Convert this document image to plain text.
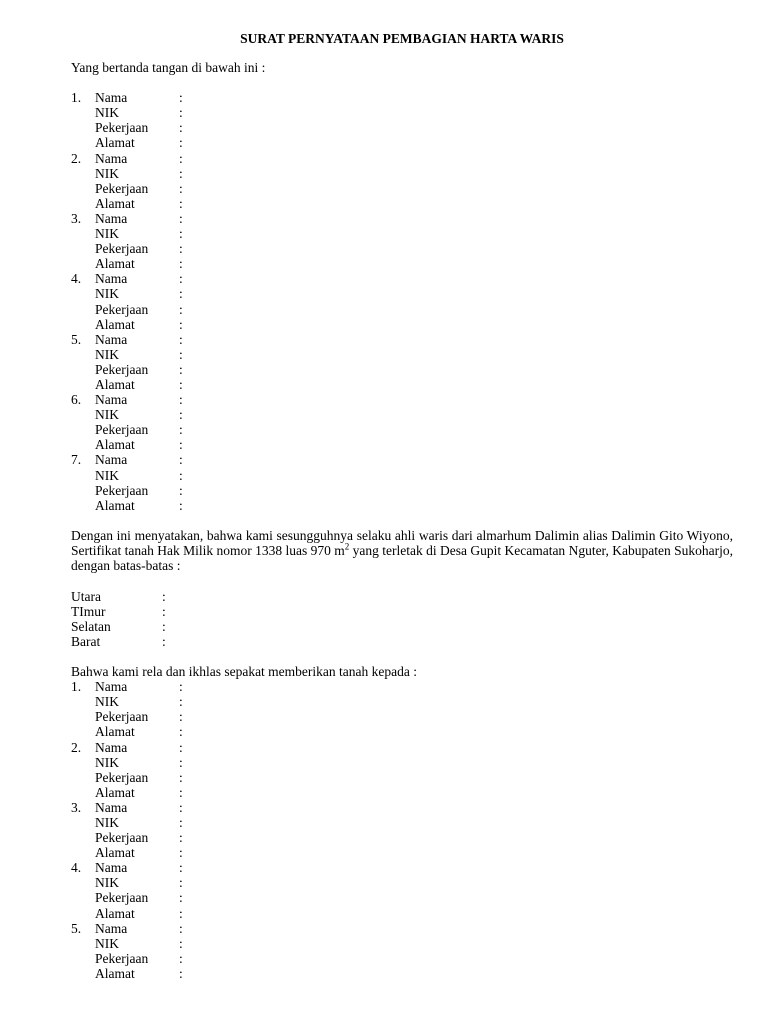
SURAT PERNYATAAN PEMBAGIAN HARTA WARIS
Yang bertanda tangan di bawah ini :
1.	Nama	:
NIK	:
Pekerjaan	:
Alamat	:
2.	Nama	:
NIK	:
Pekerjaan	:
Alamat	:
3.	Nama	:
NIK	:
Pekerjaan	:
Alamat	:
4.	Nama	:
NIK	:
Pekerjaan	:
Alamat	:
5.	Nama	:
NIK	:
Pekerjaan	:
Alamat	:
6.	Nama	:
NIK	:
Pekerjaan	:
Alamat	:
7.	Nama	:
NIK	:
Pekerjaan	:
Alamat	:

Dengan ini menyatakan, bahwa kami sesungguhnya selaku ahli waris dari almarhum Dalimin alias Dalimin Gito Wiyono, Sertifikat tanah Hak Milik nomor 1338 luas 970 $m^2$ yang terletak di Desa Gupit Kecamatan Nguter, Kabupaten Sukoharjo, dengan batas-batas :

Utara	:
TImur	:
Selatan	:
Barat	:
Bahwa kami rela dan ikhlas sepakat memberikan tanah kepada :
1.	Nama	:
NIK	:
Pekerjaan	:
Alamat	:
2.	Nama	:
NIK	:
Pekerjaan	:
Alamat	:
3.	Nama	:
NIK	:
Pekerjaan	:
Alamat	:
4.	Nama	:
NIK	:
Pekerjaan	:
Alamat	:
5.	Nama	:
NIK	:
Pekerjaan	:
Alamat	:
